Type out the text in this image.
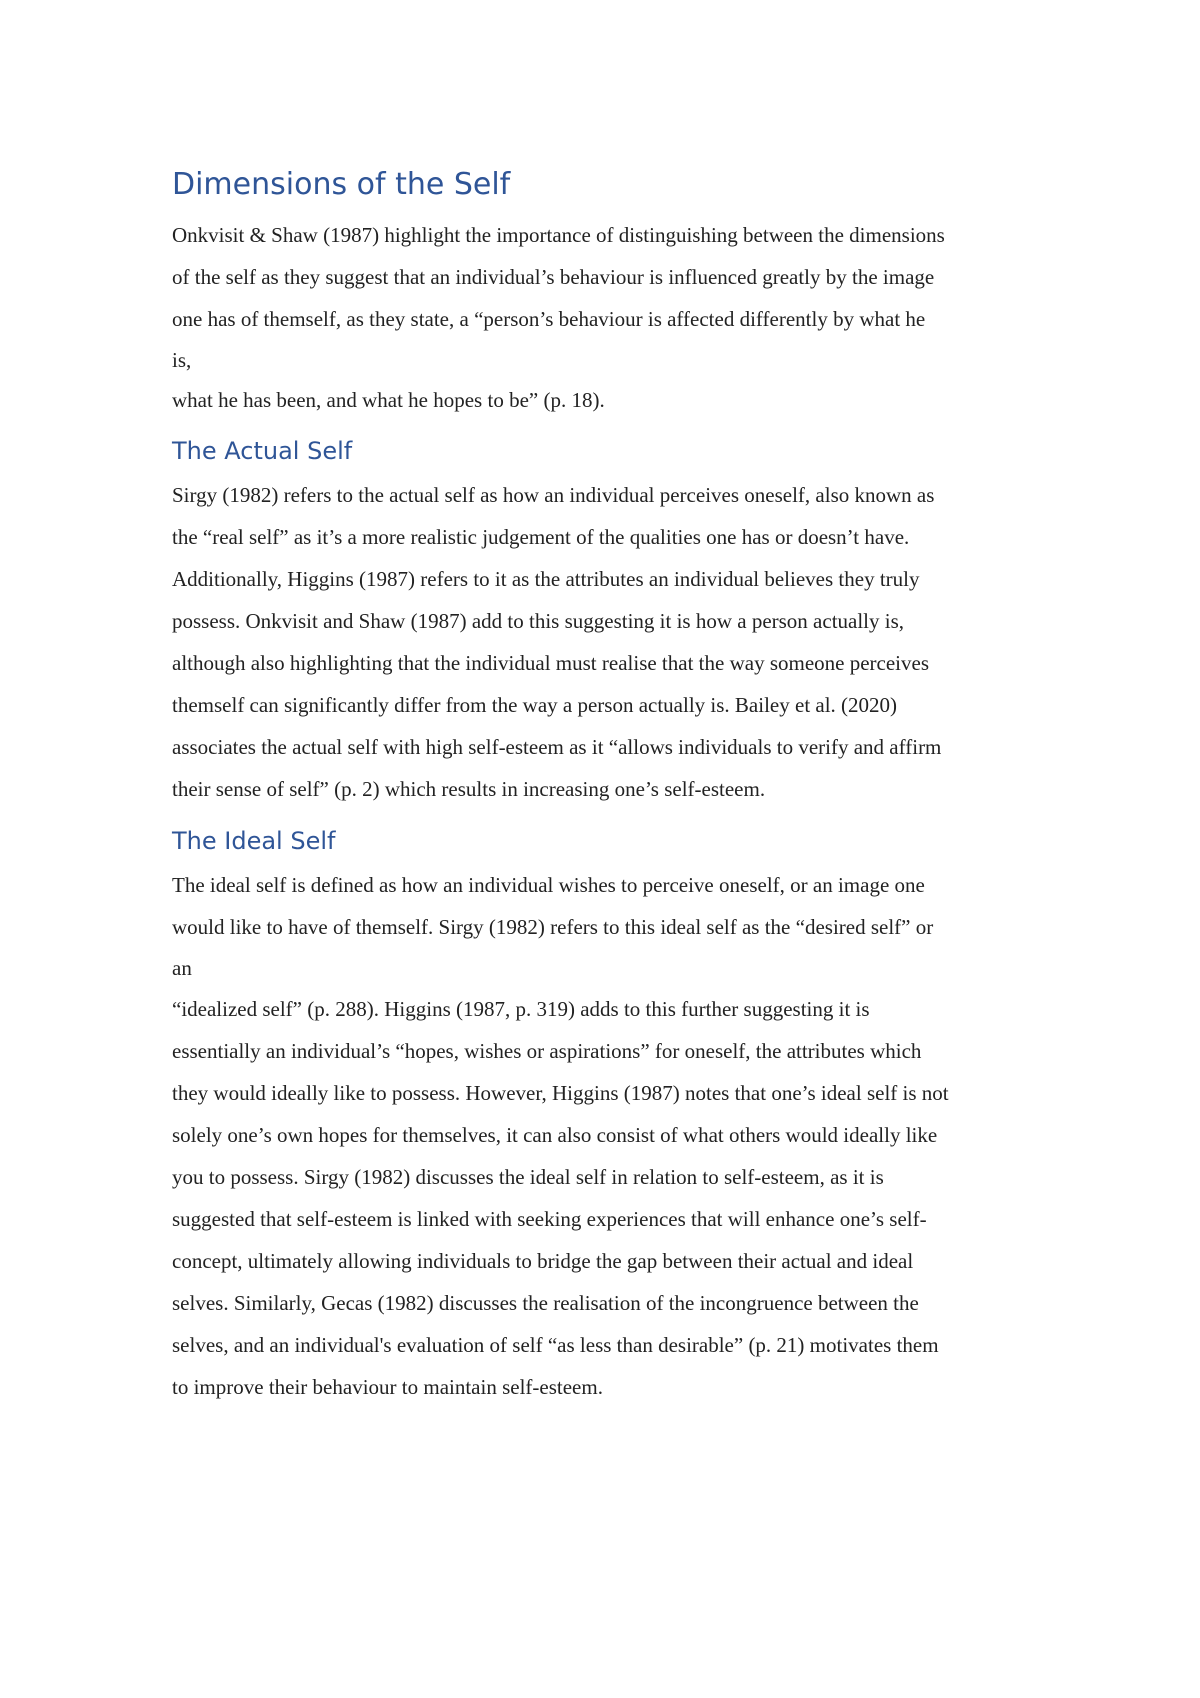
Dimensions of the Self

Onkvisit & Shaw (1987) highlight the importance of distinguishing between the dimensions
of the self as they suggest that an individual’s behaviour is influenced greatly by the image
one has of themself, as they state, a “person’s behaviour is affected differently by what he
is,
what he has been, and what he hopes to be” (p. 18).

The Actual Self

Sirgy (1982) refers to the actual self as how an individual perceives oneself, also known as
the “real self” as it’s a more realistic judgement of the qualities one has or doesn’t have.
Additionally, Higgins (1987) refers to it as the attributes an individual believes they truly
possess. Onkvisit and Shaw (1987) add to this suggesting it is how a person actually is,
although also highlighting that the individual must realise that the way someone perceives
themself can significantly differ from the way a person actually is. Bailey et al. (2020)
associates the actual self with high self-esteem as it “allows individuals to verify and affirm
their sense of self” (p. 2) which results in increasing one’s self-esteem.

The Ideal Self

The ideal self is defined as how an individual wishes to perceive oneself, or an image one
would like to have of themself. Sirgy (1982) refers to this ideal self as the “desired self” or
an
“idealized self” (p. 288). Higgins (1987, p. 319) adds to this further suggesting it is
essentially an individual’s “hopes, wishes or aspirations” for oneself, the attributes which
they would ideally like to possess. However, Higgins (1987) notes that one’s ideal self is not
solely one’s own hopes for themselves, it can also consist of what others would ideally like
you to possess. Sirgy (1982) discusses the ideal self in relation to self-esteem, as it is
suggested that self-esteem is linked with seeking experiences that will enhance one’s self-
concept, ultimately allowing individuals to bridge the gap between their actual and ideal
selves. Similarly, Gecas (1982) discusses the realisation of the incongruence between the
selves, and an individual's evaluation of self “as less than desirable” (p. 21) motivates them
to improve their behaviour to maintain self-esteem.
